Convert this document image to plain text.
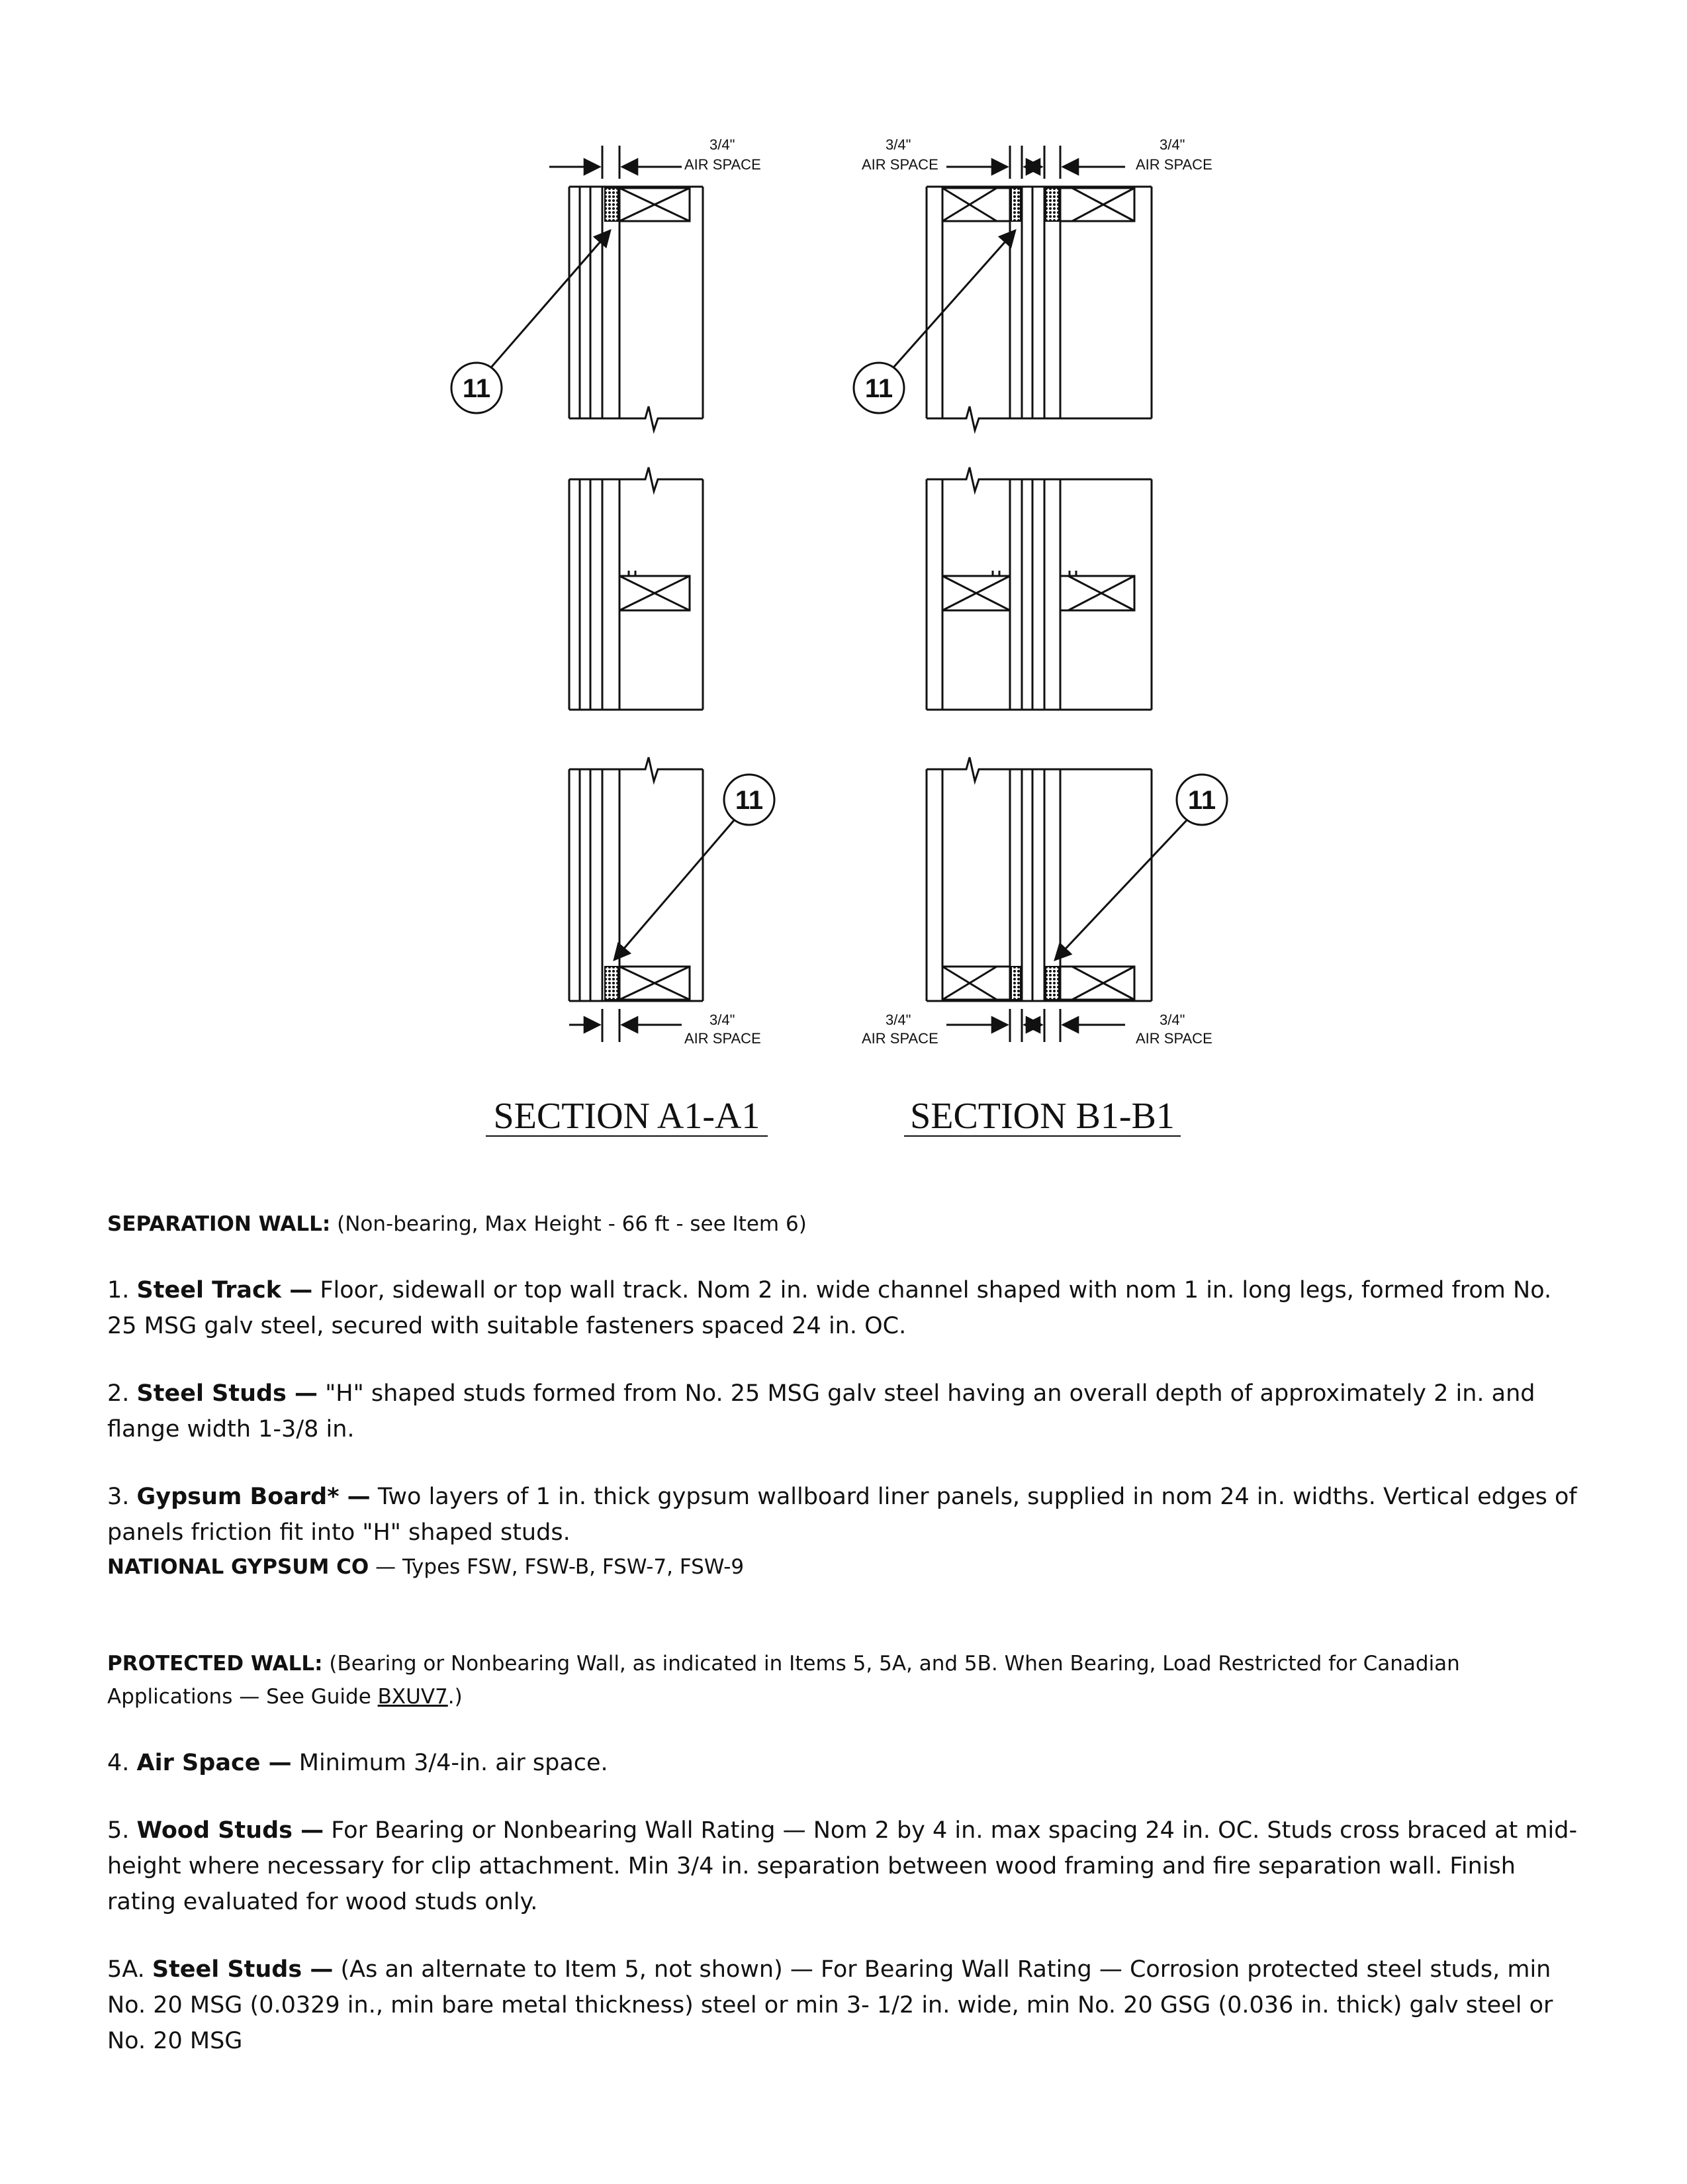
3/4"
AIR SPACE
3/4"
AIR SPACE
3/4"
AIR SPACE
3/4"
AIR SPACE
3/4"
AIR SPACE
3/4"
AIR SPACE
11
11
11
11
SECTION A1-A1	SECTION B1-B1

SEPARATION WALL: (Non-bearing, Max Height - 66 ft - see Item 6)

1. Steel Track — Floor, sidewall or top wall track. Nom 2 in. wide channel shaped with nom 1 in. long legs, formed from No. 25 MSG galv steel, secured with suitable fasteners spaced 24 in. OC.

2. Steel Studs — "H" shaped studs formed from No. 25 MSG galv steel having an overall depth of approximately 2 in. and flange width 1-3/8 in.

3. Gypsum Board* — Two layers of 1 in. thick gypsum wallboard liner panels, supplied in nom 24 in. widths. Vertical edges of panels friction fit into "H" shaped studs.

NATIONAL GYPSUM CO — Types FSW, FSW-B, FSW-7, FSW-9

PROTECTED WALL: (Bearing or Nonbearing Wall, as indicated in Items 5, 5A, and 5B. When Bearing, Load Restricted for Canadian Applications — See Guide BXUV7.)

4. Air Space — Minimum 3/4-in. air space.

5. Wood Studs — For Bearing or Nonbearing Wall Rating — Nom 2 by 4 in. max spacing 24 in. OC. Studs cross braced at mid-height where necessary for clip attachment. Min 3/4 in. separation between wood framing and fire separation wall. Finish rating evaluated for wood studs only.

5A. Steel Studs — (As an alternate to Item 5, not shown) — For Bearing Wall Rating — Corrosion protected steel studs, min No. 20 MSG (0.0329 in., min bare metal thickness) steel or min 3- 1/2 in. wide, min No. 20 GSG (0.036 in. thick) galv steel or No. 20 MSG
